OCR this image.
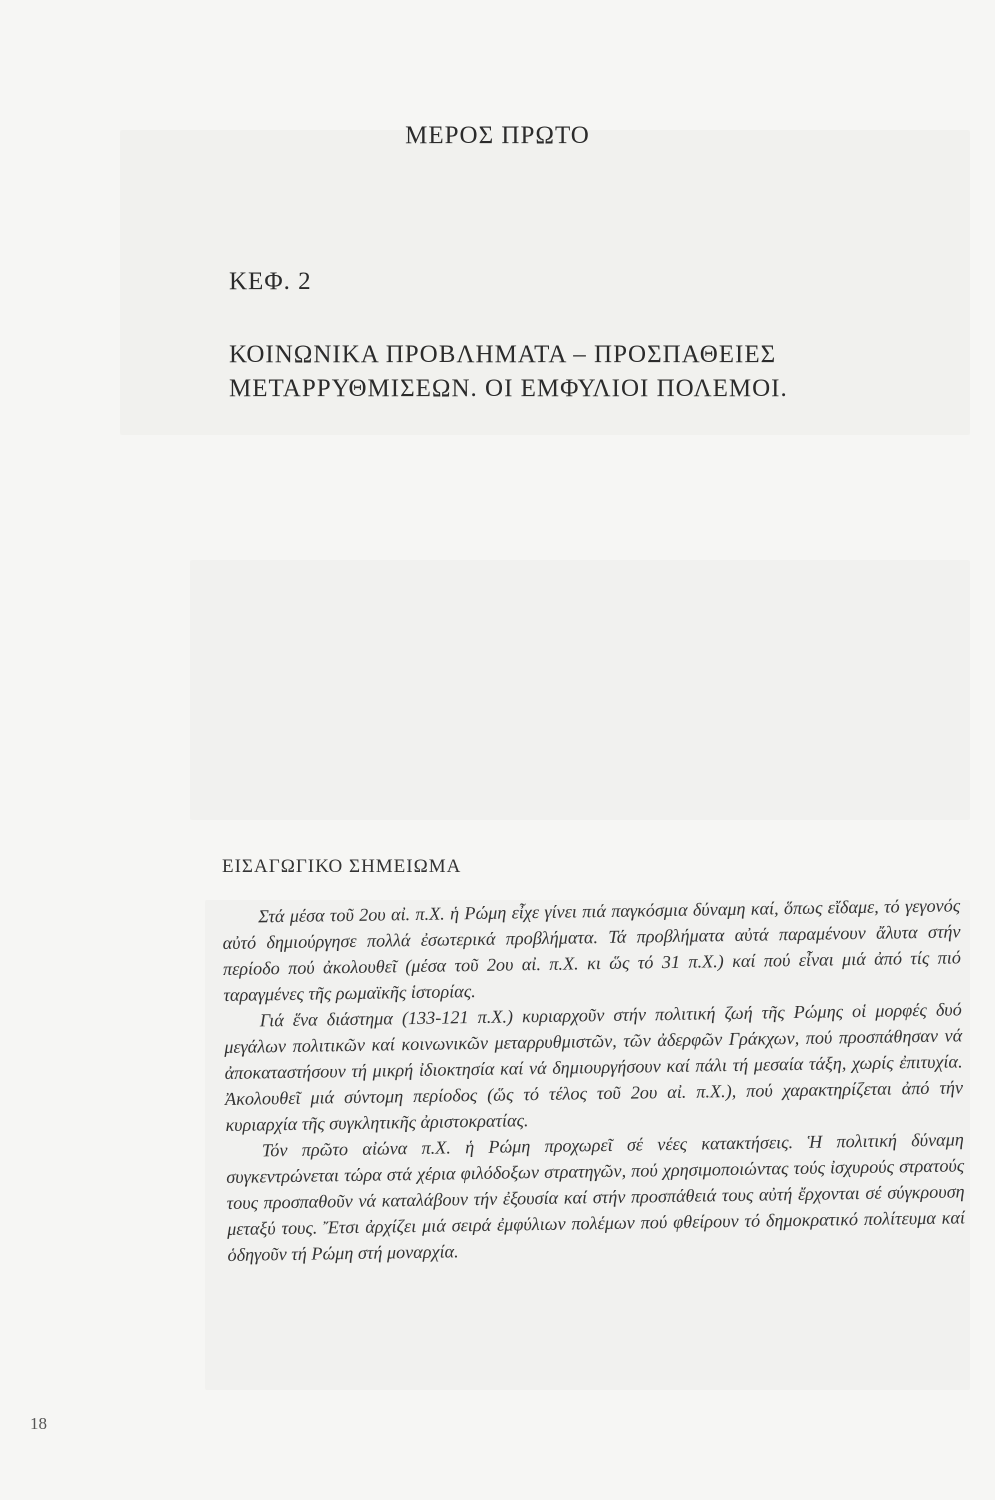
ΜΕΡΟΣ ΠΡΩΤΟ
ΚΕΦ. 2
ΚΟΙΝΩΝΙΚΑ ΠΡΟΒΛΗΜΑΤΑ – ΠΡΟΣΠΑΘΕΙΕΣ
ΜΕΤΑΡΡΥΘΜΙΣΕΩΝ. ΟΙ ΕΜΦΥΛΙΟΙ ΠΟΛΕΜΟΙ.
ΕΙΣΑΓΩΓΙΚΟ ΣΗΜΕΙΩΜΑ

Στά μέσα τοῦ 2ου αἰ. π.Χ. ἡ Ρώμη εἶχε γίνει πιά παγκόσμια δύναμη καί, ὅπως εἴδαμε, τό γεγονός αὐτό δημιούργησε πολλά ἐσωτερικά προβλήματα. Τά προβλήματα αὐτά παραμένουν ἄλυτα στήν περίοδο πού ἀκολουθεῖ (μέσα τοῦ 2ου αἰ. π.Χ. κι ὥς τό 31 π.Χ.) καί πού εἶναι μιά ἀπό τίς πιό ταραγμένες τῆς ρωμαϊκῆς ἱστορίας.

Γιά ἕνα διάστημα (133-121 π.Χ.) κυριαρχοῦν στήν πολιτική ζωή τῆς Ρώμης οἱ μορφές δυό μεγάλων πολιτικῶν καί κοινωνικῶν μεταρρυθμιστῶν, τῶν ἀδερφῶν Γράκχων, πού προσπάθησαν νά ἀποκαταστήσουν τή μικρή ἰδιοκτησία καί νά δημιουργήσουν καί πάλι τή μεσαία τάξη, χωρίς ἐπιτυχία. Ἀκολουθεῖ μιά σύντομη περίοδος (ὥς τό τέλος τοῦ 2ου αἰ. π.Χ.), πού χαρακτηρίζεται ἀπό τήν κυριαρχία τῆς συγκλητικῆς ἀριστοκρατίας.

Τόν πρῶτο αἰώνα π.Χ. ἡ Ρώμη προχωρεῖ σέ νέες κατακτήσεις. Ἡ πολιτική δύναμη συγκεντρώνεται τώρα στά χέρια φιλόδοξων στρατηγῶν, πού χρησιμοποιώντας τούς ἰσχυρούς στρατούς τους προσπαθοῦν νά καταλάβουν τήν ἐξουσία καί στήν προσπάθειά τους αὐτή ἔρχονται σέ σύγκρουση μεταξύ τους. Ἔτσι ἀρχίζει μιά σειρά ἐμφύλιων πολέμων πού φθείρουν τό δημοκρατικό πολίτευμα καί ὁδηγοῦν τή Ρώμη στή μοναρχία.

18
